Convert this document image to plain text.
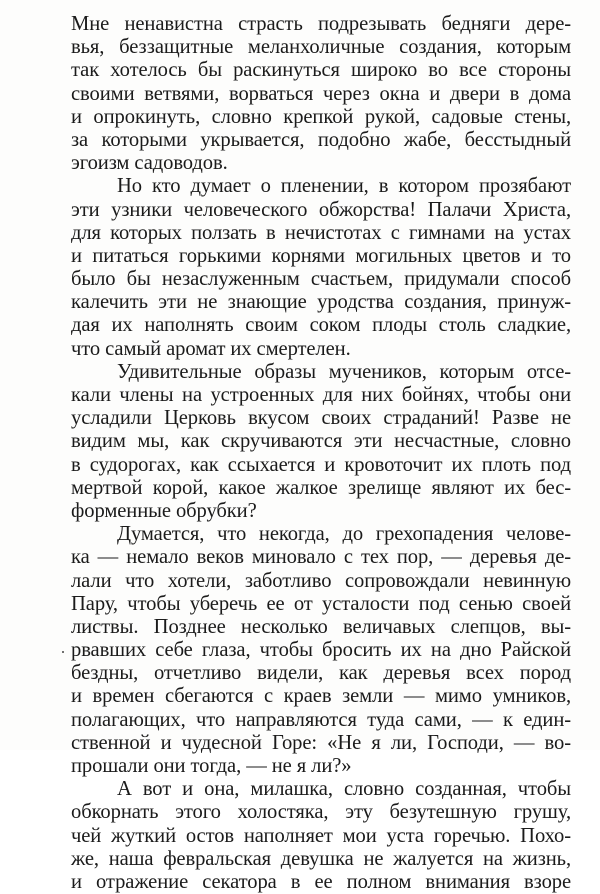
Мне ненавистна страсть подрезывать бедняги дере-
вья, беззащитные меланхоличные создания, которым
так хотелось бы раскинуться широко во все стороны
своими ветвями, ворваться через окна и двери в дома
и опрокинуть, словно крепкой рукой, садовые стены,
за которыми укрывается, подобно жабе, бесстыдный
эгоизм садоводов.

Но кто думает о пленении, в котором прозябают
эти узники человеческого обжорства! Палачи Христа,
для которых ползать в нечистотах с гимнами на устах
и питаться горькими корнями могильных цветов и то
было бы незаслуженным счастьем, придумали способ
калечить эти не знающие уродства создания, принуж-
дая их наполнять своим соком плоды столь сладкие,
что самый аромат их смертелен.

Удивительные образы мучеников, которым отсе-
кали члены на устроенных для них бойнях, чтобы они
усладили Церковь вкусом своих страданий! Разве не
видим мы, как скручиваются эти несчастные, словно
в судорогах, как ссыхается и кровоточит их плоть под
мертвой корой, какое жалкое зрелище являют их бес-
форменные обрубки?

Думается, что некогда, до грехопадения челове-
ка — немало веков миновало с тех пор, — деревья де-
лали что хотели, заботливо сопровождали невинную
Пару, чтобы уберечь ее от усталости под сенью своей
листвы. Позднее несколько величавых слепцов, вы-
рвавших себе глаза, чтобы бросить их на дно Райской
бездны, отчетливо видели, как деревья всех пород
и времен сбегаются с краев земли — мимо умников,
полагающих, что направляются туда сами, — к един-
ственной и чудесной Горе: «Не я ли, Господи, — во-
прошали они тогда, — не я ли?»

А вот и она, милашка, словно созданная, чтобы
обкорнать этого холостяка, эту безутешную грушу,
чей жуткий остов наполняет мои уста горечью. Похо-
же, наша февральская девушка не жалуется на жизнь,
и отражение секатора в ее полном внимания взоре
